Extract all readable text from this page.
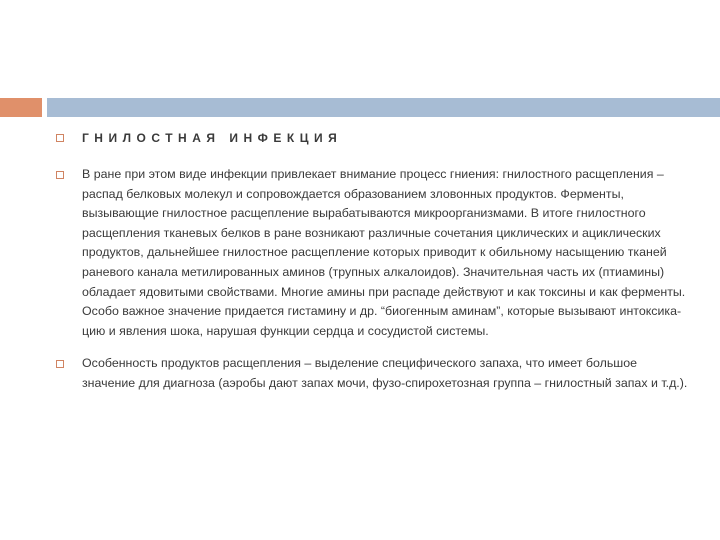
ГНИЛОСТНАЯ ИНФЕКЦИЯ
В ране при этом виде инфекции привлекает внимание процесс гниения: гнилостного расщепления – распад белковых молекул и сопровождается образованием зловонных продуктов. Ферменты, вызывающие гнилостное расщепление вырабатываются микроорганизмами. В итоге гнилостного расщепления тканевых белков в ране возникают различные сочетания циклических и ациклических продуктов, дальнейшее гнилостное расщепление которых приводит к обильному насыщению тканей раневого канала метилированных аминов (трупных алкалоидов). Значительная часть их (птиамины) обладает ядовитыми свойствами. Многие амины при распаде действуют и как токсины и как ферменты. Особо важное значение придается гистамину и др. “биогенным аминам”, которые вызывают интоксика-цию и явления шока, нарушая функции сердца и сосудистой системы.
Особенность продуктов расщепления – выделение специфического запаха, что имеет большое значение для диагноза (аэробы дают запах мочи, фузо-спирохетозная группа – гнилостный запах и т.д.).
